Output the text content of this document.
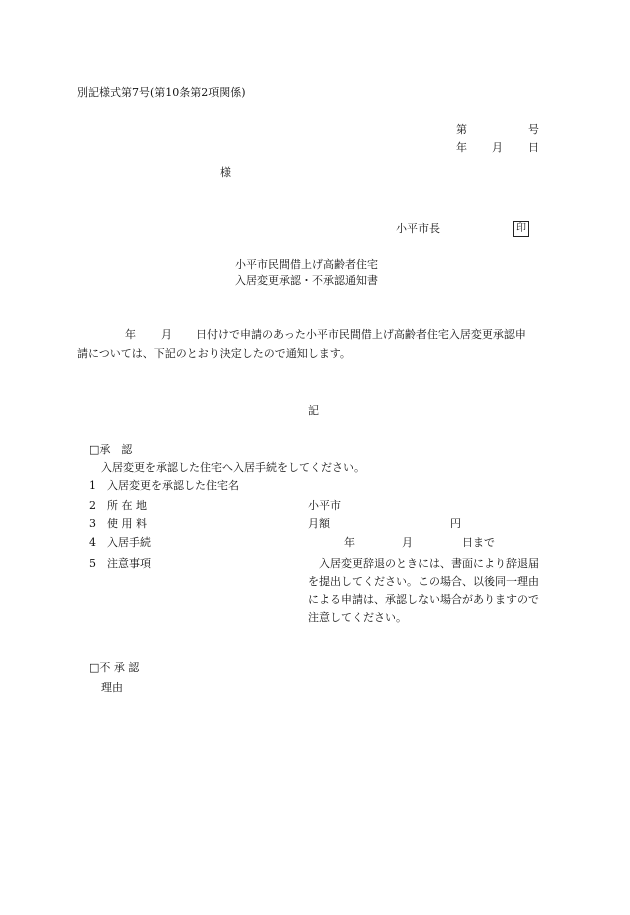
別記様式第7号(第10条第2項関係)
第	号
年 月 日
様
小平市長	印
小平市民間借上げ高齢者住宅
入居変更承認・不承認通知書
年 月 日付けで申請のあった小平市民間借上げ高齢者住宅入居変更承認申
請については、下記のとおり決定したので通知します。
記
□承　認
入居変更を承認した住宅へ入居手続をしてください。
1 入居変更を承認した住宅名
2 所 在 地	小平市
3 使 用 料	月額	円
4 入居手続	年	月	日まで
5 注意事項	　入居変更辞退のときには、書面により辞退届
を提出してください。この場合、以後同一理由
による申請は、承認しない場合がありますので
注意してください。
□不 承 認
理由
